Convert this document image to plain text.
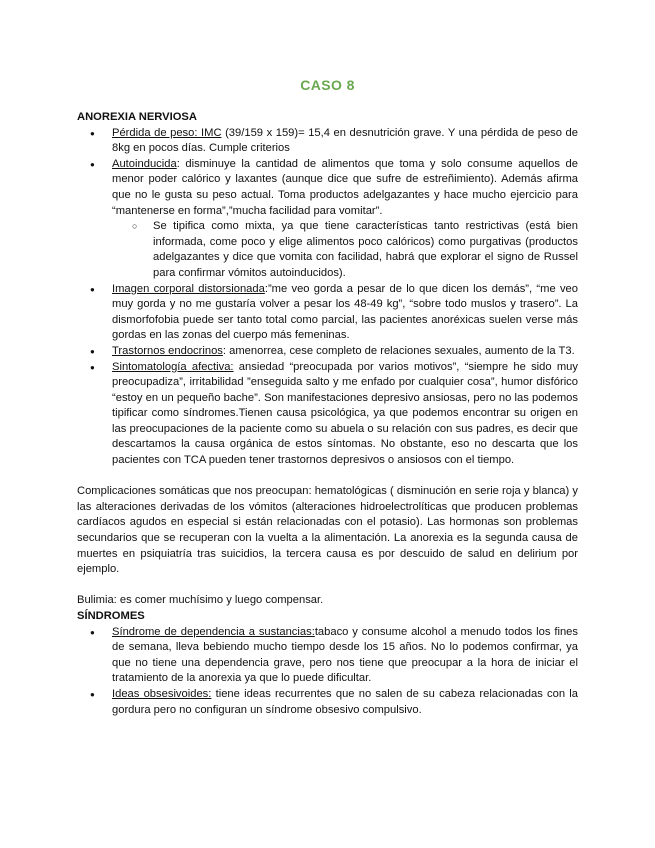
CASO 8

ANOREXIA NERVIOSA

● Pérdida de peso: IMC (39/159 x 159)= 15,4 en desnutrición grave. Y una pérdida de peso de 8kg en pocos días. Cumple criterios
● Autoinducida: disminuye la cantidad de alimentos que toma y solo consume aquellos de menor poder calórico y laxantes (aunque dice que sufre de estreñimiento). Además afirma que no le gusta su peso actual. Toma productos adelgazantes y hace mucho ejercicio para “mantenerse en forma”,”mucha facilidad para vomitar”.
○ Se tipifica como mixta, ya que tiene características tanto restrictivas (está bien informada, come poco y elige alimentos poco calóricos) como purgativas (productos adelgazantes y dice que vomita con facilidad, habrá que explorar el signo de Russel para confirmar vómitos autoinducidos).
● Imagen corporal distorsionada:”me veo gorda a pesar de lo que dicen los demás”, “me veo muy gorda y no me gustaría volver a pesar los 48-49 kg”, “sobre todo muslos y trasero”. La dismorfofobia puede ser tanto total como parcial, las pacientes anoréxicas suelen verse más gordas en las zonas del cuerpo más femeninas.
● Trastornos endocrinos: amenorrea, cese completo de relaciones sexuales, aumento de la T3.
● Sintomatología afectiva: ansiedad “preocupada por varios motivos”, “siempre he sido muy preocupadiza”, irritabilidad ”enseguida salto y me enfado por cualquier cosa”, humor disfórico “estoy en un pequeño bache”. Son manifestaciones depresivo ansiosas, pero no las podemos tipificar como síndromes.Tienen causa psicológica, ya que podemos encontrar su origen en las preocupaciones de la paciente como su abuela o su relación con sus padres, es decir que descartamos la causa orgánica de estos síntomas. No obstante, eso no descarta que los pacientes con TCA pueden tener trastornos depresivos o ansiosos con el tiempo.

Complicaciones somáticas que nos preocupan: hematológicas ( disminución en serie roja y blanca) y las alteraciones derivadas de los vómitos (alteraciones hidroelectrolíticas que producen problemas cardíacos agudos en especial si están relacionadas con el potasio). Las hormonas son problemas secundarios que se recuperan con la vuelta a la alimentación. La anorexia es la segunda causa de muertes en psiquiatría tras suicidios, la tercera causa es por descuido de salud en delirium por ejemplo.

Bulimia: es comer muchísimo y luego compensar.

SÍNDROMES

● Síndrome de dependencia a sustancias:tabaco y consume alcohol a menudo todos los fines de semana, lleva bebiendo mucho tiempo desde los 15 años. No lo podemos confirmar, ya que no tiene una dependencia grave, pero nos tiene que preocupar a la hora de iniciar el tratamiento de la anorexia ya que lo puede dificultar.
● Ideas obsesivoides: tiene ideas recurrentes que no salen de su cabeza relacionadas con la gordura pero no configuran un síndrome obsesivo compulsivo.
